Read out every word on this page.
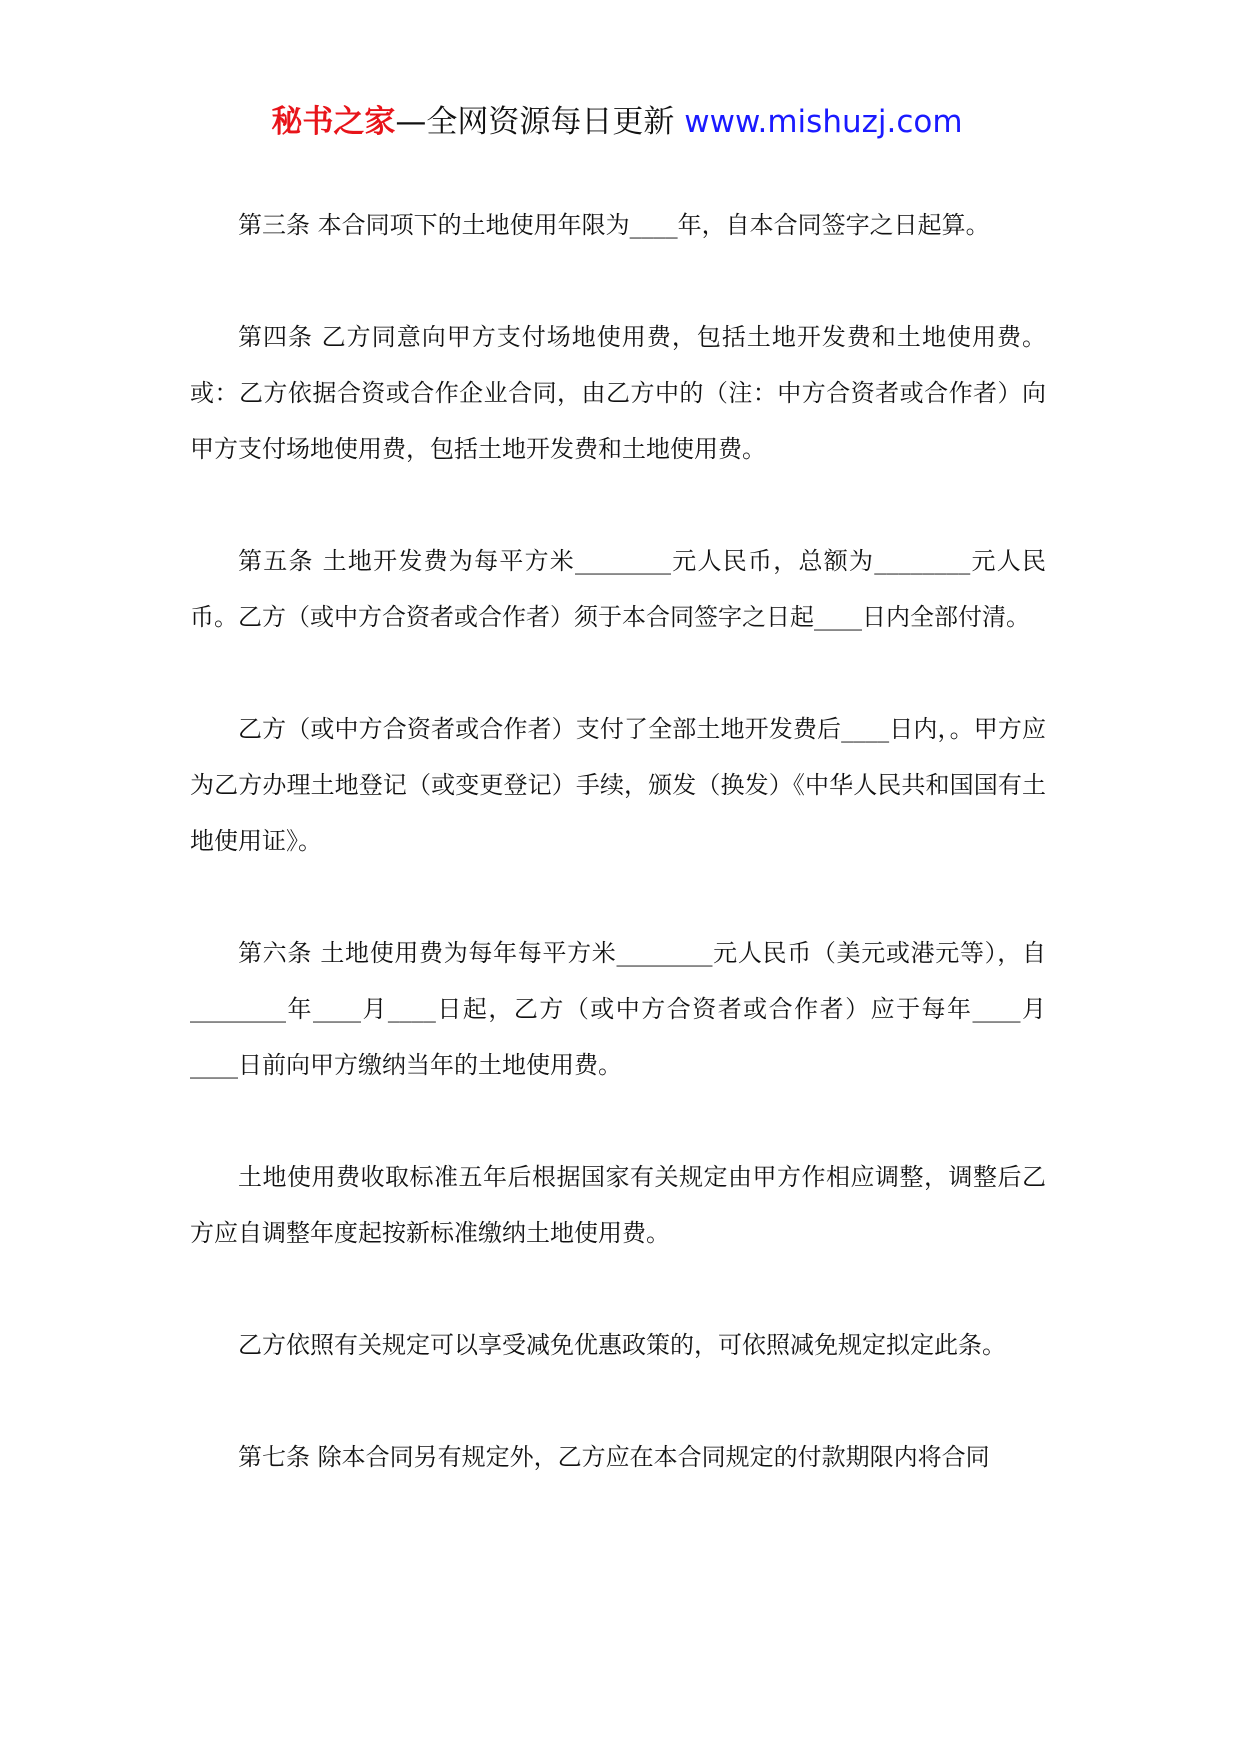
秘书之家—全网资源每日更新 www.mishuzj.com

第三条 本合同项下的土地使用年限为____年，自本合同签字之日起算。

第四条 乙方同意向甲方支付场地使用费，包括土地开发费和土地使用费。或：乙方依据合资或合作企业合同，由乙方中的（注：中方合资者或合作者）向甲方支付场地使用费，包括土地开发费和土地使用费。

第五条 土地开发费为每平方米________元人民币，总额为________元人民币。乙方（或中方合资者或合作者）须于本合同签字之日起____日内全部付清。

乙方（或中方合资者或合作者）支付了全部土地开发费后____日内，。甲方应为乙方办理土地登记（或变更登记）手续，颁发（换发）《中华人民共和国国有土地使用证》。

第六条 土地使用费为每年每平方米________元人民币（美元或港元等），自________年____月____日起，乙方（或中方合资者或合作者）应于每年____月____日前向甲方缴纳当年的土地使用费。

土地使用费收取标准五年后根据国家有关规定由甲方作相应调整，调整后乙方应自调整年度起按新标准缴纳土地使用费。

乙方依照有关规定可以享受减免优惠政策的，可依照减免规定拟定此条。

第七条 除本合同另有规定外，乙方应在本合同规定的付款期限内将合同
